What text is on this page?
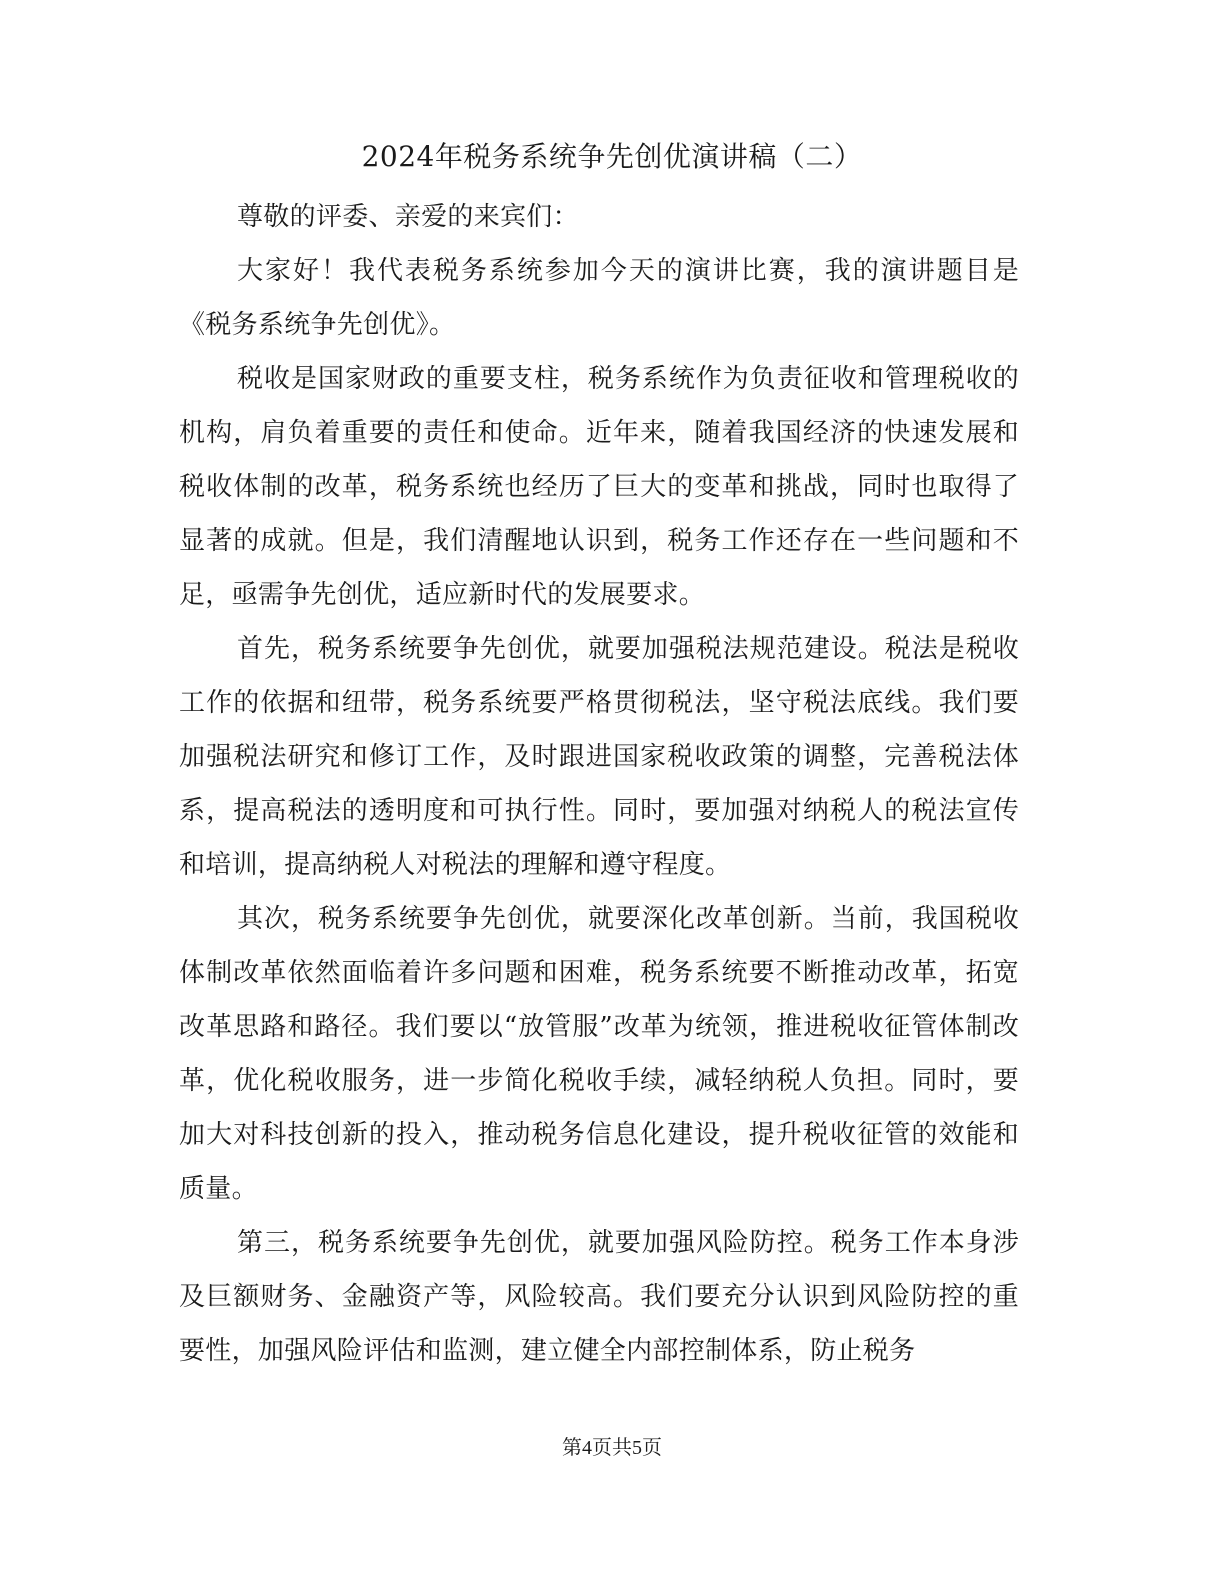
2024年税务系统争先创优演讲稿（二）

尊敬的评委、亲爱的来宾们：

大家好！我代表税务系统参加今天的演讲比赛，我的演讲题目是《税务系统争先创优》。

税收是国家财政的重要支柱，税务系统作为负责征收和管理税收的机构，肩负着重要的责任和使命。近年来，随着我国经济的快速发展和税收体制的改革，税务系统也经历了巨大的变革和挑战，同时也取得了显著的成就。但是，我们清醒地认识到，税务工作还存在一些问题和不足，亟需争先创优，适应新时代的发展要求。

首先，税务系统要争先创优，就要加强税法规范建设。税法是税收工作的依据和纽带，税务系统要严格贯彻税法，坚守税法底线。我们要加强税法研究和修订工作，及时跟进国家税收政策的调整，完善税法体系，提高税法的透明度和可执行性。同时，要加强对纳税人的税法宣传和培训，提高纳税人对税法的理解和遵守程度。

其次，税务系统要争先创优，就要深化改革创新。当前，我国税收体制改革依然面临着许多问题和困难，税务系统要不断推动改革，拓宽改革思路和路径。我们要以“放管服”改革为统领，推进税收征管体制改革，优化税收服务，进一步简化税收手续，减轻纳税人负担。同时，要加大对科技创新的投入，推动税务信息化建设，提升税收征管的效能和质量。

第三，税务系统要争先创优，就要加强风险防控。税务工作本身涉及巨额财务、金融资产等，风险较高。我们要充分认识到风险防控的重要性，加强风险评估和监测，建立健全内部控制体系，防止税务

第4页共5页
